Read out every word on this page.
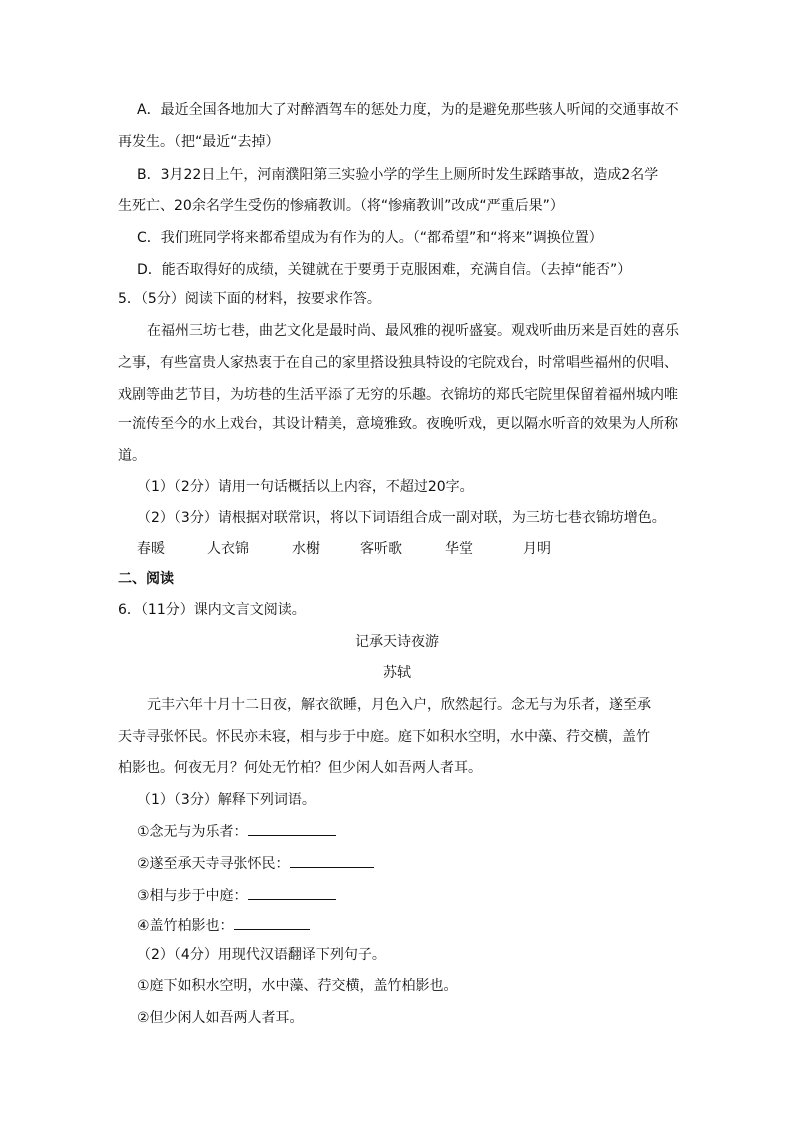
A．最近全国各地加大了对醉酒驾车的惩处力度，为的是避免那些骇人听闻的交通事故不
再发生。（把“最近“去掉）
B．3月22日上午，河南濮阳第三实验小学的学生上厕所时发生踩踏事故，造成2名学
生死亡、20余名学生受伤的惨痛教训。（将“惨痛教训”改成“严重后果”）
C．我们班同学将来都希望成为有作为的人。（“都希望”和“将来”调换位置）
D．能否取得好的成绩，关键就在于要勇于克服困难，充满自信。（去掉“能否”）
5．（5分）阅读下面的材料，按要求作答。
在福州三坊七巷，曲艺文化是最时尚、最风雅的视听盛宴。观戏听曲历来是百姓的喜乐
之事，有些富贵人家热衷于在自己的家里搭设独具特设的宅院戏台，时常唱些福州的伬唱、
戏剧等曲艺节目，为坊巷的生活平添了无穷的乐趣。衣锦坊的郑氏宅院里保留着福州城内唯
一流传至今的水上戏台，其设计精美，意境雅致。夜晚听戏，更以隔水听音的效果为人所称
道。
（1）（2分）请用一句话概括以上内容，不超过20字。
（2）（3分）请根据对联常识，将以下词语组合成一副对联，为三坊七巷衣锦坊增色。
春暖	人衣锦	水榭	客听歌	华堂	月明
二、阅读
6．（11分）课内文言文阅读。
记承天诗夜游
苏轼
元丰六年十月十二日夜，解衣欲睡，月色入户，欣然起行。念无与为乐者，遂至承
天寺寻张怀民。怀民亦未寝，相与步于中庭。庭下如积水空明，水中藻、荇交横，盖竹
柏影也。何夜无月？何处无竹柏？但少闲人如吾两人者耳。
（1）（3分）解释下列词语。
①念无与为乐者：
②遂至承天寺寻张怀民：
③相与步于中庭：
④盖竹柏影也：
（2）（4分）用现代汉语翻译下列句子。
①庭下如积水空明，水中藻、荇交横，盖竹柏影也。
②但少闲人如吾两人者耳。
